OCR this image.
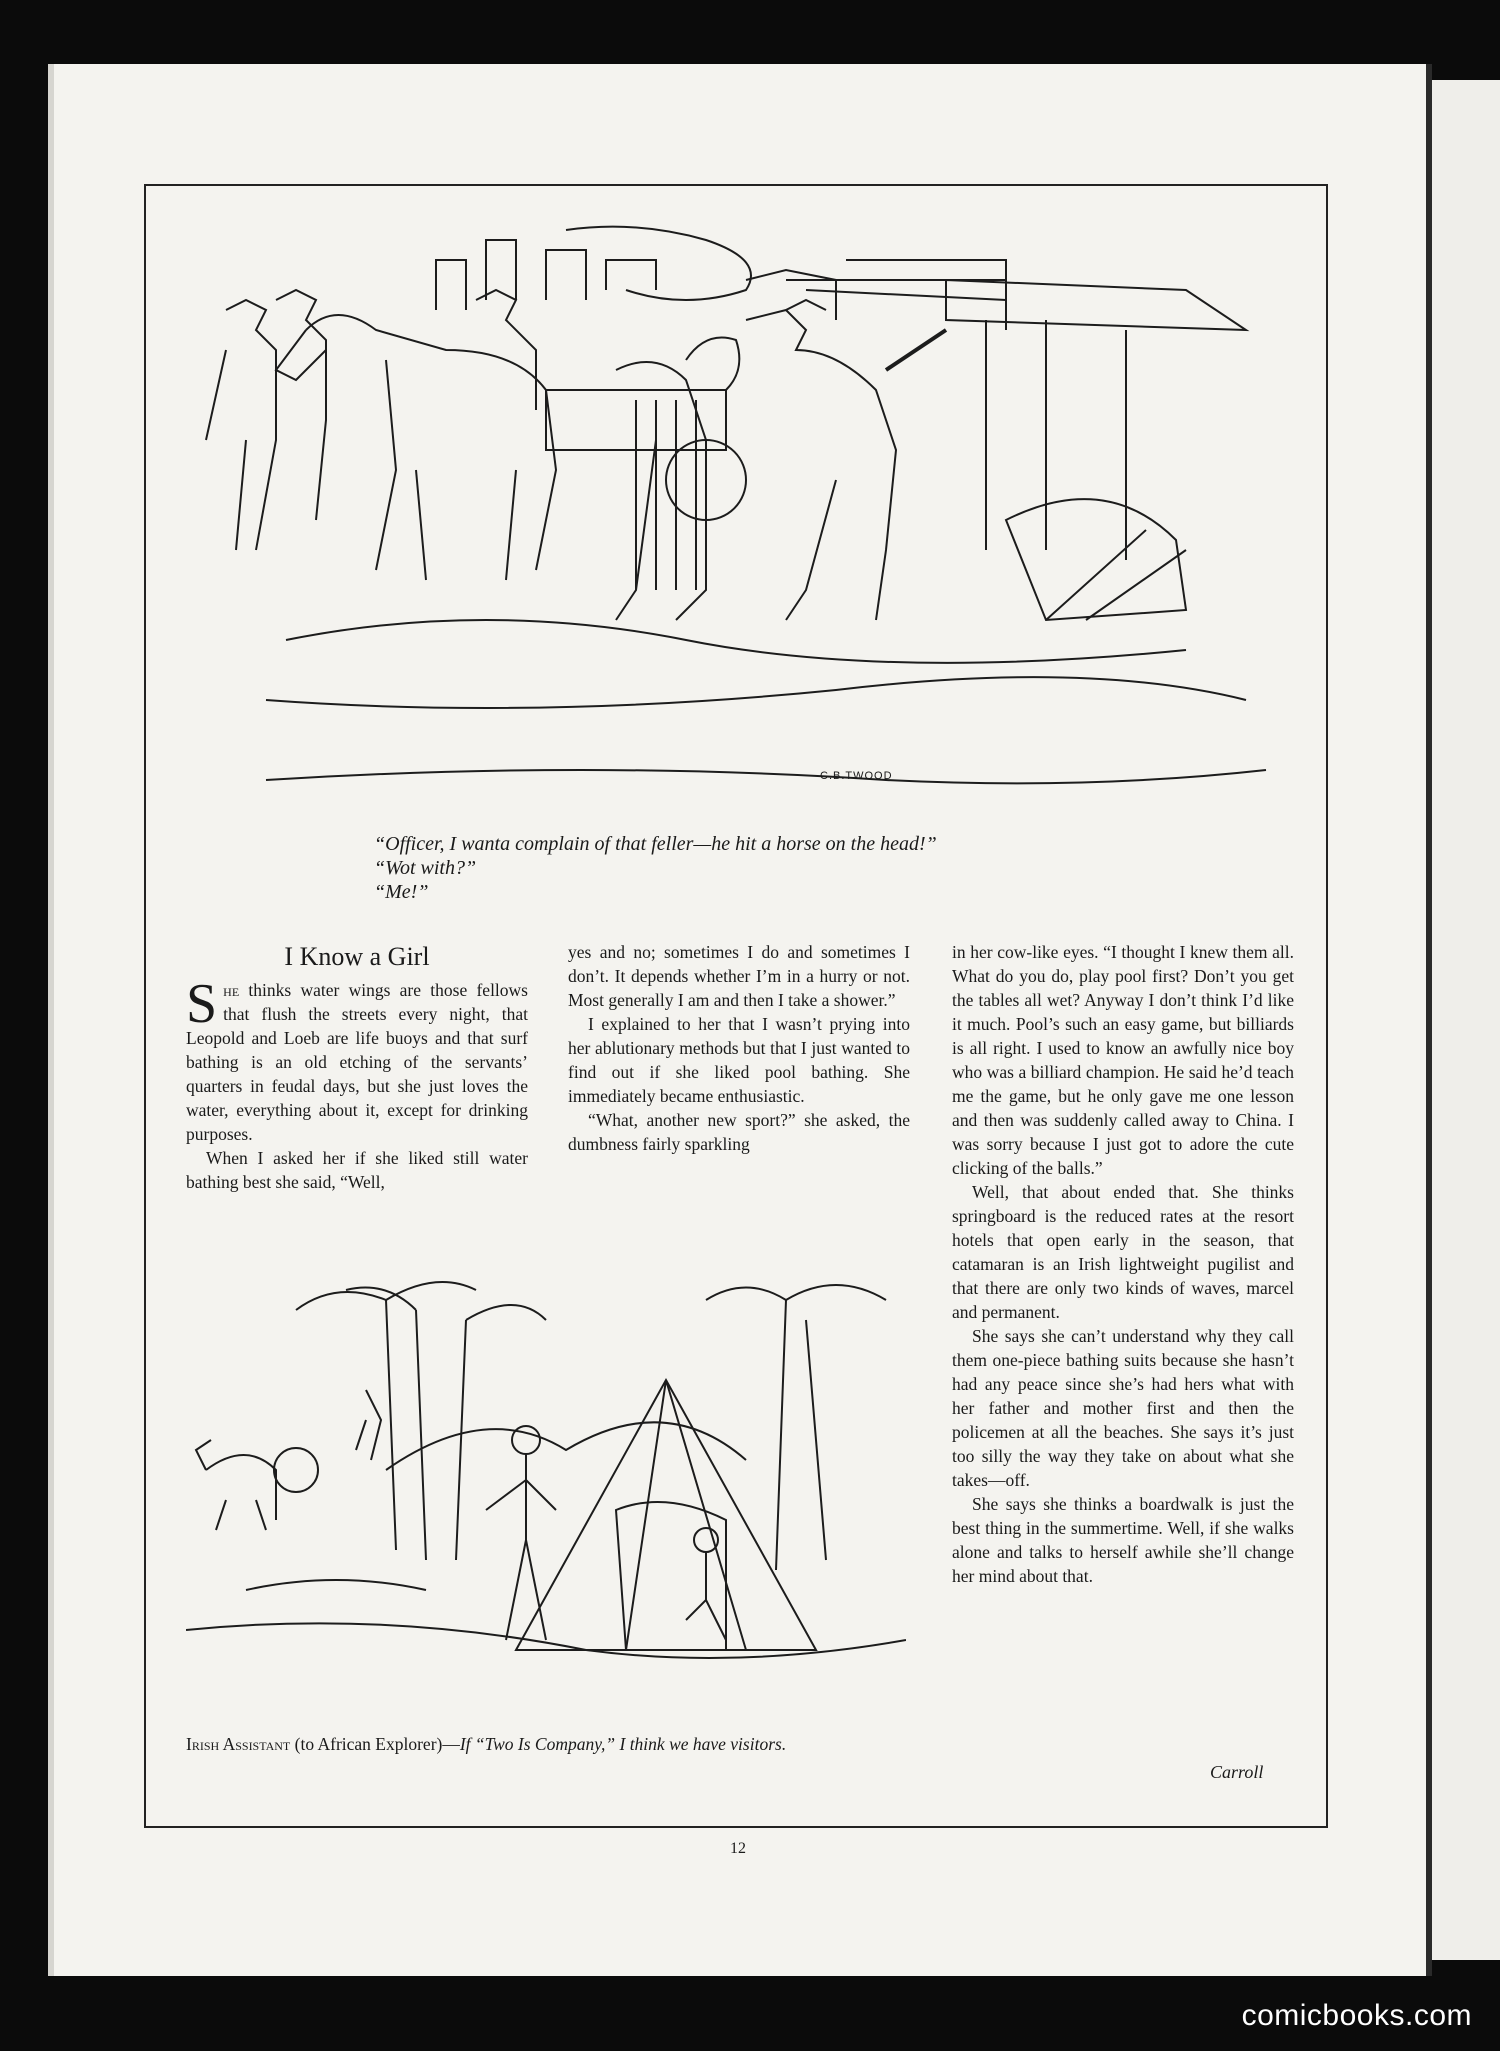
C.B.TWOOD
“Officer, I wanta complain of that feller—he hit a horse on the head!”
“Wot with?”
“Me!”
I Know a Girl

She thinks water wings are those fellows that flush the streets every night, that Leopold and Loeb are life buoys and that surf bathing is an old etching of the servants’ quarters in feudal days, but she just loves the water, everything about it, except for drinking purposes.

When I asked her if she liked still water bathing best she said, “Well,

yes and no; sometimes I do and sometimes I don’t. It depends whether I’m in a hurry or not. Most generally I am and then I take a shower.”

I explained to her that I wasn’t prying into her ablutionary methods but that I just wanted to find out if she liked pool bathing. She immediately became enthusiastic.

“What, another new sport?” she asked, the dumbness fairly sparkling

in her cow-like eyes. “I thought I knew them all. What do you do, play pool first? Don’t you get the tables all wet? Anyway I don’t think I’d like it much. Pool’s such an easy game, but billiards is all right. I used to know an awfully nice boy who was a billiard champion. He said he’d teach me the game, but he only gave me one lesson and then was suddenly called away to China. I was sorry because I just got to adore the cute clicking of the balls.”

Well, that about ended that. She thinks springboard is the reduced rates at the resort hotels that open early in the season, that catamaran is an Irish lightweight pugilist and that there are only two kinds of waves, marcel and permanent.

She says she can’t understand why they call them one-piece bathing suits because she hasn’t had any peace since she’s had hers what with her father and mother first and then the policemen at all the beaches. She says it’s just too silly the way they take on about what she takes—off.

She says she thinks a boardwalk is just the best thing in the summertime. Well, if she walks alone and talks to herself awhile she’ll change her mind about that.

Carroll
Irish Assistant (to African Explorer)—If “Two Is Company,” I think we have visitors.
12
comicbooks.com
